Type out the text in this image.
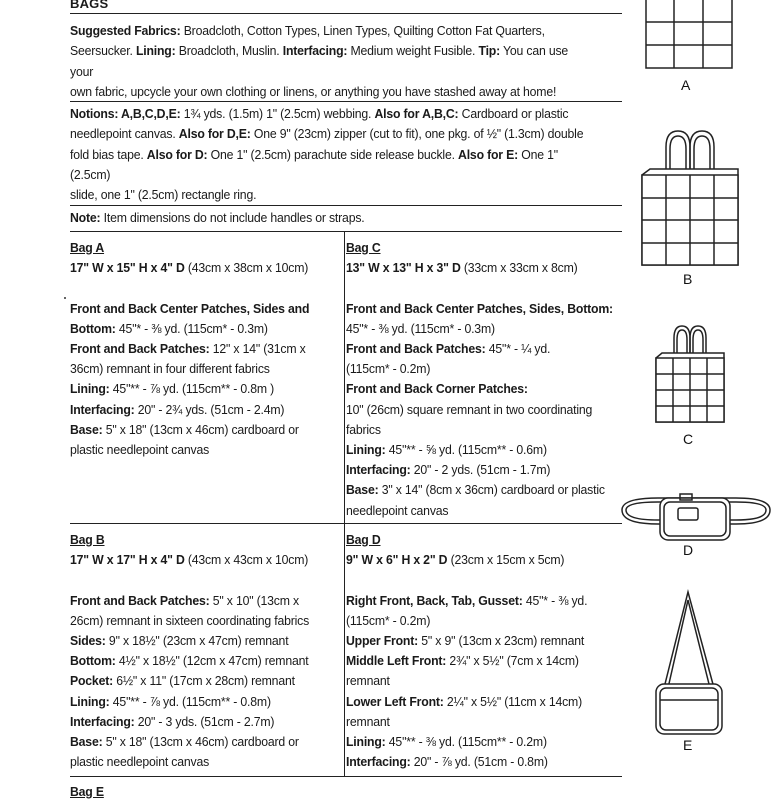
BAGS
Suggested Fabrics: Broadcloth, Cotton Types, Linen Types, Quilting Cotton Fat Quarters,
Seersucker. Lining: Broadcloth, Muslin. Interfacing: Medium weight Fusible. Tip: You can use your
own fabric, upcycle your own clothing or linens, or anything you have stashed away at home!
Notions: A,B,C,D,E: 1¾ yds. (1.5m) 1" (2.5cm) webbing. Also for A,B,C: Cardboard or plastic
needlepoint canvas. Also for D,E: One 9" (23cm) zipper (cut to fit), one pkg. of ½" (1.3cm) double
fold bias tape. Also for D: One 1" (2.5cm) parachute side release buckle. Also for E: One 1" (2.5cm)
slide, one 1" (2.5cm) rectangle ring.
Note: Item dimensions do not include handles or straps.
Bag A
17" W x 15" H x 4" D (43cm x 38cm x 10cm)
Front and Back Center Patches, Sides and
Bottom: 45"* - ⅜ yd. (115cm* - 0.3m)
Front and Back Patches: 12" x 14" (31cm x
36cm) remnant in four different fabrics
Lining: 45"** - ⅞ yd. (115cm** - 0.8m )
Interfacing: 20" - 2¾ yds. (51cm - 2.4m)
Base: 5" x 18" (13cm x 46cm) cardboard or
plastic needlepoint canvas
Bag C
13" W x 13" H x 3" D (33cm x 33cm x 8cm)
Front and Back Center Patches, Sides, Bottom:
45"* - ⅜ yd. (115cm* - 0.3m)
Front and Back Patches: 45"* - ¼ yd.
(115cm* - 0.2m)
Front and Back Corner Patches:
10" (26cm) square remnant in two coordinating
fabrics
Lining: 45"** - ⅝ yd. (115cm** - 0.6m)
Interfacing: 20" - 2 yds. (51cm - 1.7m)
Base: 3" x 14" (8cm x 36cm) cardboard or plastic
needlepoint canvas
Bag B
17" W x 17" H x 4" D (43cm x 43cm x 10cm)
Front and Back Patches: 5" x 10" (13cm x
26cm) remnant in sixteen coordinating fabrics
Sides: 9" x 18½" (23cm x 47cm) remnant
Bottom: 4½" x 18½" (12cm x 47cm) remnant
Pocket: 6½" x 11" (17cm x 28cm) remnant
Lining: 45"** - ⅞ yd. (115cm** - 0.8m)
Interfacing: 20" - 3 yds. (51cm - 2.7m)
Base: 5" x 18" (13cm x 46cm) cardboard or
plastic needlepoint canvas
Bag D
9" W x 6" H x 2" D (23cm x 15cm x 5cm)
Right Front, Back, Tab, Gusset: 45"* - ⅜ yd.
(115cm* - 0.2m)
Upper Front: 5" x 9" (13cm x 23cm) remnant
Middle Left Front: 2¾" x 5½" (7cm x 14cm)
remnant
Lower Left Front: 2¼" x 5½" (11cm x 14cm)
remnant
Lining: 45"** - ⅜ yd. (115cm** - 0.2m)
Interfacing: 20" - ⅞ yd. (51cm - 0.8m)
Bag E
A
B
C
D
E
